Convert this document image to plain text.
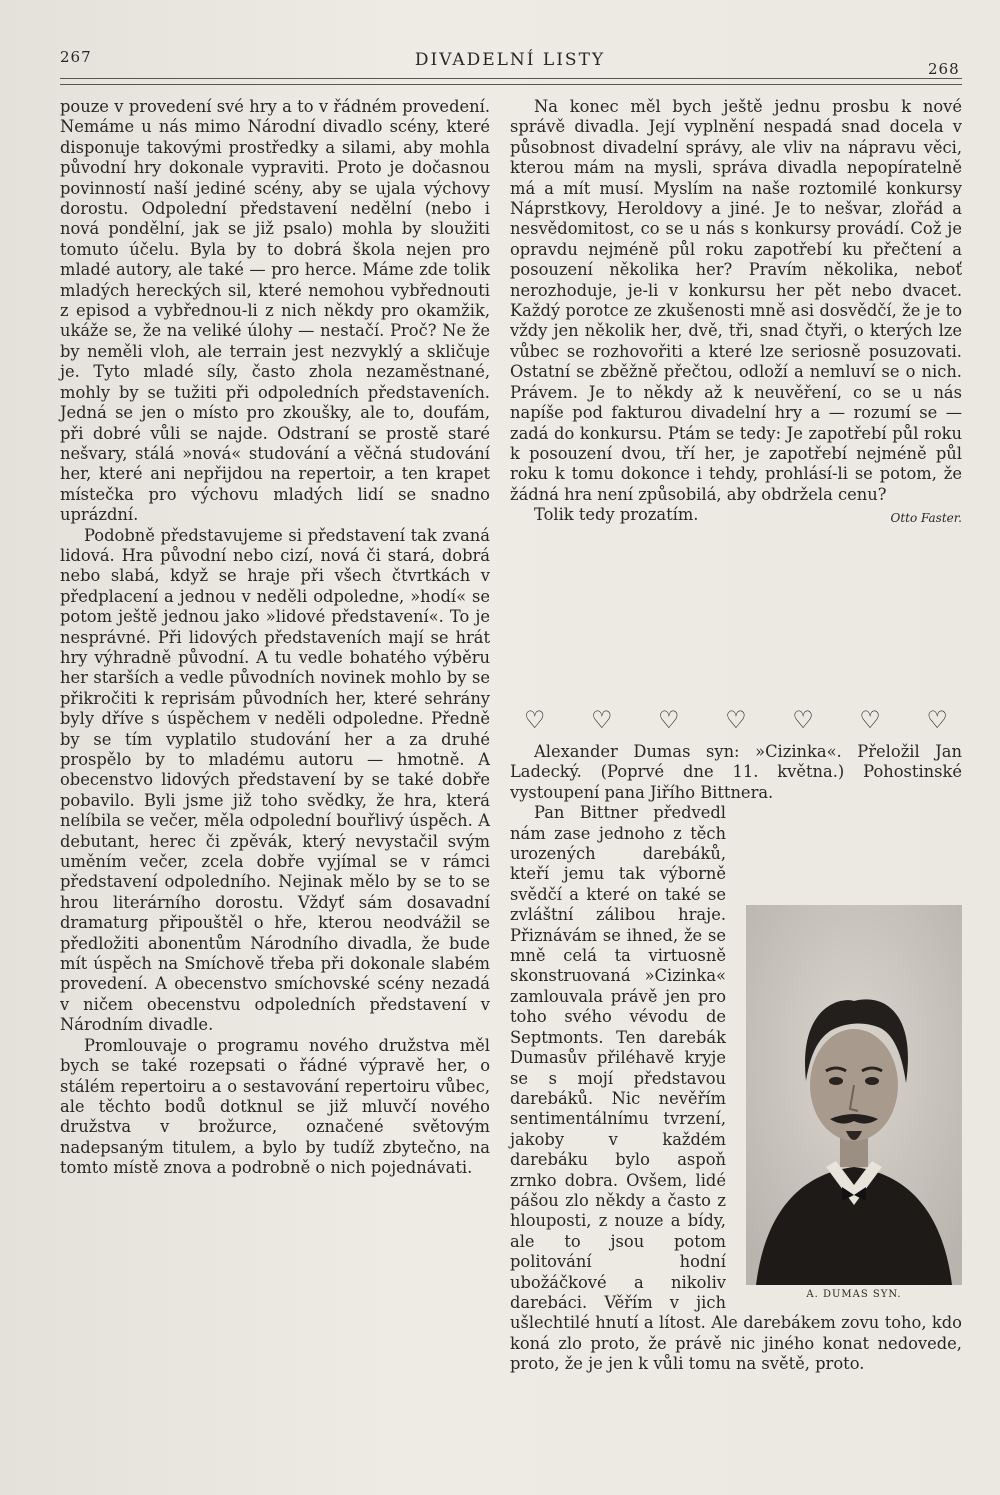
267	DIVADELNÍ LISTY	268

pouze v provedení své hry a to v řádném provedení. Nemáme u nás mimo Národní divadlo scény, které disponuje takovými prostředky a silami, aby mohla původní hry dokonale vypraviti. Proto je dočasnou povinností naší jediné scény, aby se ujala výchovy dorostu. Odpolední představení nedělní (nebo i nová pondělní, jak se již psalo) mohla by sloužiti tomuto účelu. Byla by to dobrá škola nejen pro mladé autory, ale také — pro herce. Máme zde tolik mladých hereckých sil, které nemohou vybřednouti z episod a vybřednou-li z nich někdy pro okamžik, ukáže se, že na veliké úlohy — nestačí. Proč? Ne že by neměli vloh, ale terrain jest nezvyklý a skličuje je. Tyto mladé síly, často zhola nezaměstnané, mohly by se tužiti při odpoledních představeních. Jedná se jen o místo pro zkoušky, ale to, doufám, při dobré vůli se najde. Odstraní se prostě staré nešvary, stálá »nová« studování a věčná studování her, které ani nepřijdou na repertoir, a ten krapet místečka pro výchovu mladých lidí se snadno uprázdní.

Podobně představujeme si představení tak zvaná lidová. Hra původní nebo cizí, nová či stará, dobrá nebo slabá, když se hraje při všech čtvrtkách v předplacení a jednou v neděli odpoledne, »hodí« se potom ještě jednou jako »lidové představení«. To je nesprávné. Při lidových představeních mají se hrát hry výhradně původní. A tu vedle bohatého výběru her starších a vedle původních novinek mohlo by se přikročiti k reprisám původních her, které sehrány byly dříve s úspěchem v neděli odpoledne. Předně by se tím vyplatilo studování her a za druhé prospělo by to mladému autoru — hmotně. A obecenstvo lidových představení by se také dobře pobavilo. Byli jsme již toho svědky, že hra, která nelíbila se večer, měla odpolední bouřlivý úspěch. A debutant, herec či zpěvák, který nevystačil svým uměním večer, zcela dobře vyjímal se v rámci představení odpoledního. Nejinak mělo by se to se hrou literárního dorostu. Vždyť sám dosavadní dramaturg připouštěl o hře, kterou neodvážil se předložiti abonentům Národního divadla, že bude mít úspěch na Smíchově třeba při dokonale slabém provedení. A obecenstvo smíchovské scény nezadá v ničem obecenstvu odpoledních představení v Národním divadle.

Promlouvaje o programu nového družstva měl bych se také rozepsati o řádné výpravě her, o stálém repertoiru a o sestavování repertoiru vůbec, ale těchto bodů dotknul se již mluvčí nového družstva v brožurce, označené světovým nadepsaným titulem, a bylo by tudíž zbytečno, na tomto místě znova a podrobně o nich pojednávati.

Na konec měl bych ještě jednu prosbu k nové správě divadla. Její vyplnění nespadá snad docela v působnost divadelní správy, ale vliv na nápravu věci, kterou mám na mysli, správa divadla nepopíratelně má a mít musí. Myslím na naše roztomilé konkursy Náprstkovy, Heroldovy a jiné. Je to nešvar, zlořád a nesvědomitost, co se u nás s konkursy provádí. Což je opravdu nejméně půl roku zapotřebí ku přečtení a posouzení několika her? Pravím několika, neboť nerozhoduje, je-li v konkursu her pět nebo dvacet. Každý porotce ze zkušenosti mně asi dosvědčí, že je to vždy jen několik her, dvě, tři, snad čtyři, o kterých lze vůbec se rozhovořiti a které lze seriosně posuzovati. Ostatní se zběžně přečtou, odloží a nemluví se o nich. Právem. Je to někdy až k neuvěření, co se u nás napíše pod fakturou divadelní hry a — rozumí se — zadá do konkursu. Ptám se tedy: Je zapotřebí půl roku k posouzení dvou, tří her, je zapotřebí nejméně půl roku k tomu dokonce i tehdy, prohlásí-li se potom, že žádná hra není způsobilá, aby obdržela cenu?

Tolik tedy prozatím.	Otto Faster.

♡ ♡ ♡ ♡ ♡ ♡ ♡

Alexander Dumas syn: »Cizinka«. Přeložil Jan Ladecký. (Poprvé dne 11. května.) Pohostinské vystoupení pana Jiřího Bittnera.

Pan Bittner předvedl nám zase jednoho z těch urozených darebáků, kteří jemu tak výborně svědčí a které on také se zvláštní zálibou hraje. Přiznávám se ihned, že se mně celá ta virtuosně skonstruovaná »Cizinka« zamlouvala právě jen pro toho svého vévodu de Septmonts. Ten darebák Dumasův přiléhavě kryje se s mojí představou darebáků. Nic nevěřím sentimentálnímu tvrzení, jakoby v každém darebáku bylo aspoň zrnko dobra. Ovšem, lidé pášou zlo někdy a často z hlouposti, z nouze a bídy, ale to jsou potom politování hodní ubožáčkové a nikoliv darebáci. Věřím v jich ušlechtilé hnutí a lítost. Ale darebákem zovu toho, kdo koná zlo proto, že právě nic jiného konat nedovede, proto, že je jen k vůli tomu na světě, proto.

A. DUMAS SYN.
